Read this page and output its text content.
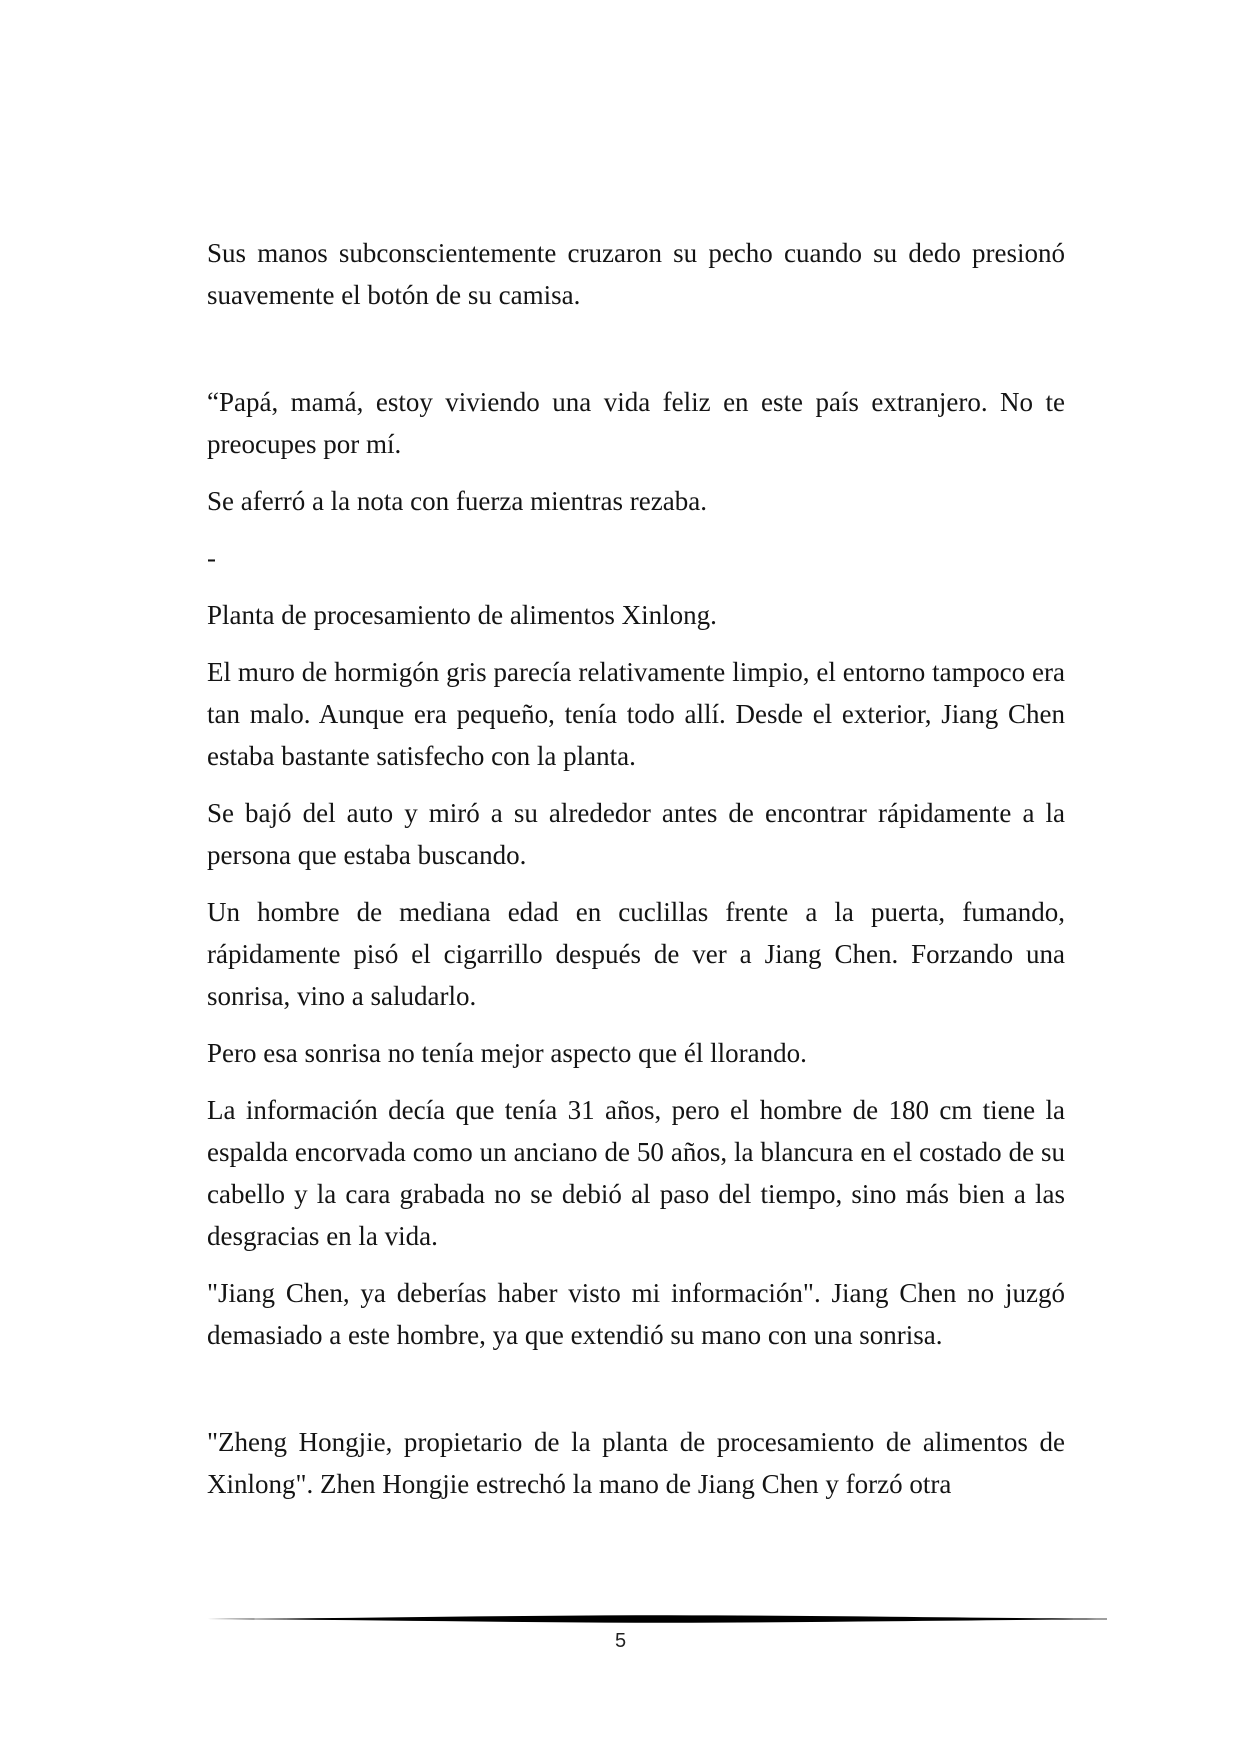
Sus manos subconscientemente cruzaron su pecho cuando su dedo presionó suavemente el botón de su camisa.

“Papá, mamá, estoy viviendo una vida feliz en este país extranjero. No te preocupes por mí.

Se aferró a la nota con fuerza mientras rezaba.

-

Planta de procesamiento de alimentos Xinlong.

El muro de hormigón gris parecía relativamente limpio, el entorno tampoco era tan malo. Aunque era pequeño, tenía todo allí. Desde el exterior, Jiang Chen estaba bastante satisfecho con la planta.

Se bajó del auto y miró a su alrededor antes de encontrar rápidamente a la persona que estaba buscando.

Un hombre de mediana edad en cuclillas frente a la puerta, fumando, rápidamente pisó el cigarrillo después de ver a Jiang Chen. Forzando una sonrisa, vino a saludarlo.

Pero esa sonrisa no tenía mejor aspecto que él llorando.

La información decía que tenía 31 años, pero el hombre de 180 cm tiene la espalda encorvada como un anciano de 50 años, la blancura en el costado de su cabello y la cara grabada no se debió al paso del tiempo, sino más bien a las desgracias en la vida.

"Jiang Chen, ya deberías haber visto mi información". Jiang Chen no juzgó demasiado a este hombre, ya que extendió su mano con una sonrisa.

"Zheng Hongjie, propietario de la planta de procesamiento de alimentos de Xinlong". Zhen Hongjie estrechó la mano de Jiang Chen y forzó otra

5
